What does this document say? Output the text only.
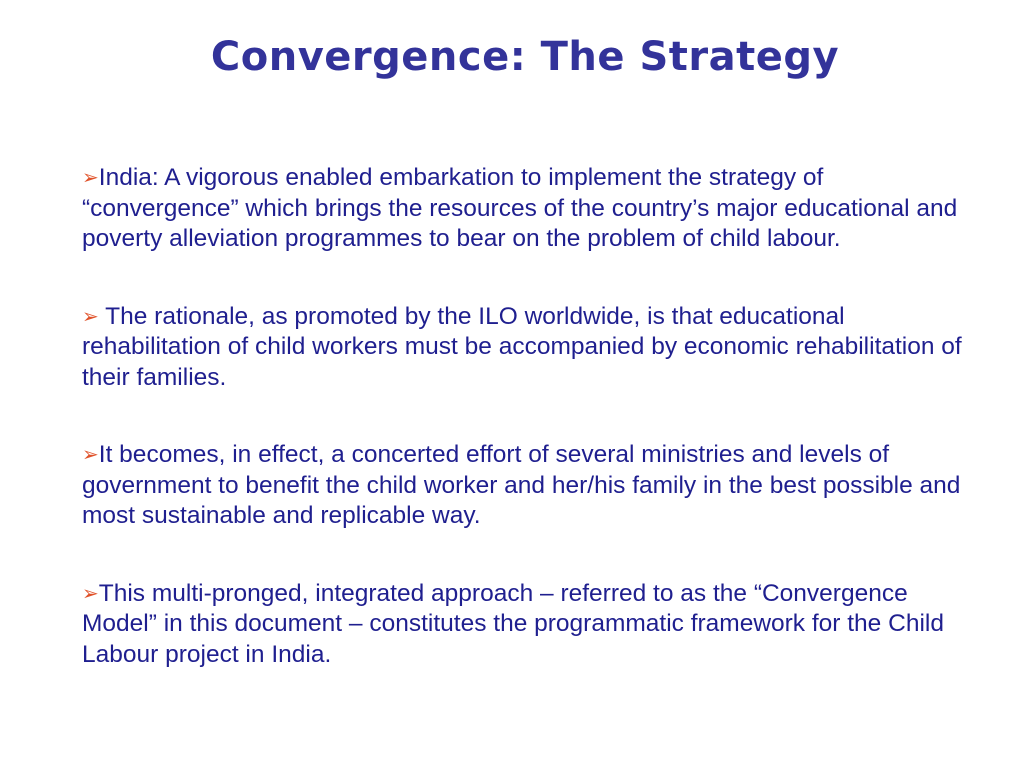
Convergence: The Strategy

➢India: A vigorous enabled embarkation to implement the strategy of “convergence” which brings the resources of the country’s major educational and poverty alleviation programmes to bear on the problem of child labour.

➢ The rationale, as promoted by the ILO worldwide, is that educational rehabilitation of child workers must be accompanied by economic rehabilitation of their families.

➢It becomes, in effect, a concerted effort of several ministries and levels of government to benefit the child worker and her/his family in the best possible and most sustainable and replicable way.

➢This multi-pronged, integrated approach – referred to as the “Convergence Model” in this document – constitutes the programmatic framework for the Child Labour project in India.
